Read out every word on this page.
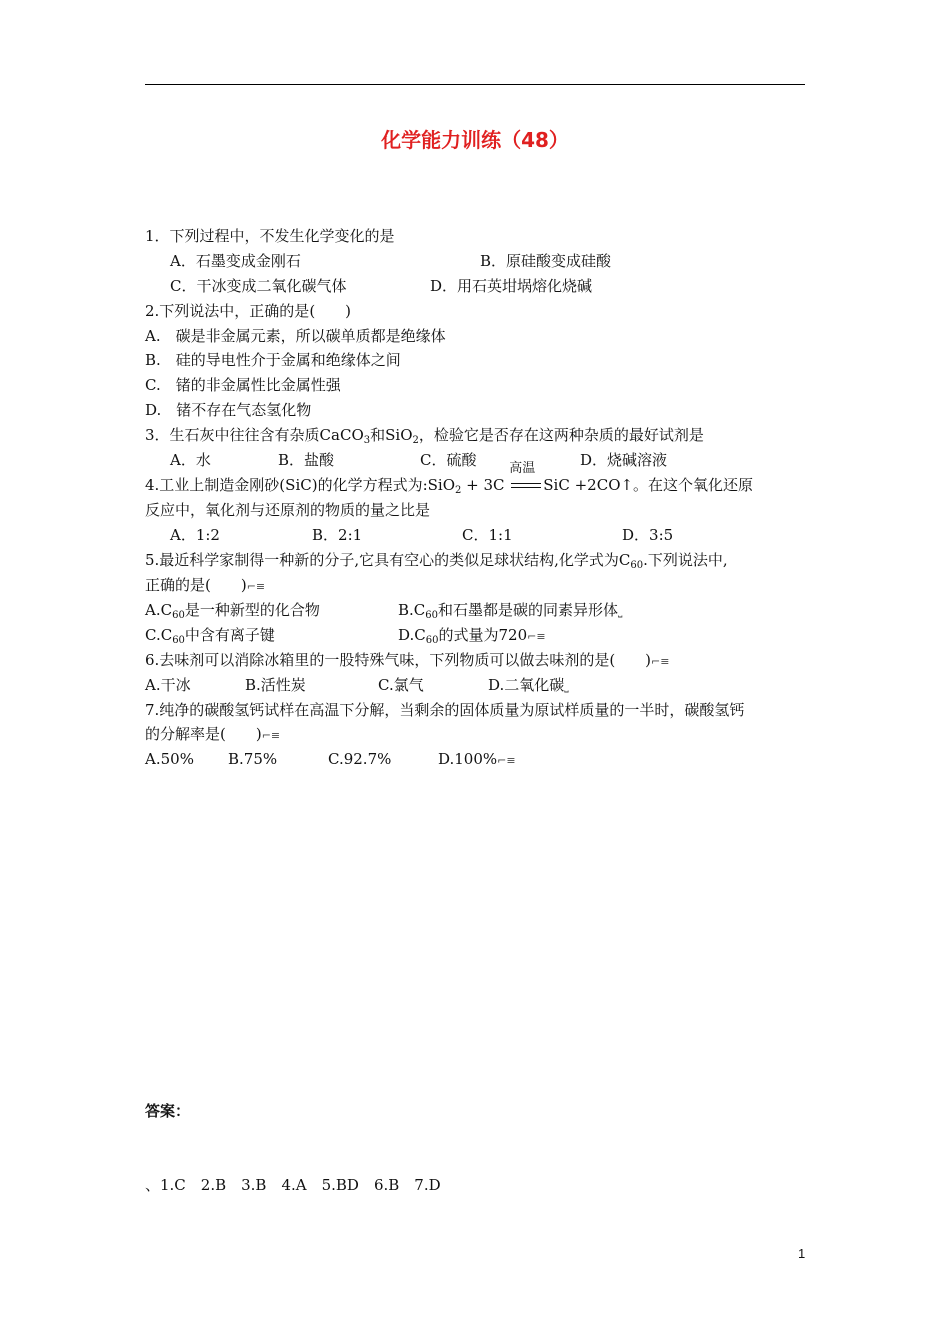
化学能力训练（48）
1．下列过程中，不发生化学变化的是
A．石墨变成金刚石	B．原硅酸变成硅酸
C．干冰变成二氧化碳气体	D．用石英坩埚熔化烧碱
2.下列说法中，正确的是(　　)
A.　碳是非金属元素，所以碳单质都是绝缘体
B.　硅的导电性介于金属和绝缘体之间
C.　锗的非金属性比金属性强
D.　锗不存在气态氢化物
3．生石灰中往往含有杂质CaCO$_3$和SiO$_2$，检验它是否存在这两种杂质的最好试剂是
A．水	B．盐酸	C．硫酸	D．烧碱溶液
4.工业上制造金刚砂(SiC)的化学方程式为:SiO$_2$ + 3C
高温
SiC +2CO↑。在这个氧化还原
反应中，氧化剂与还原剂的物质的量之比是
A．1:2	B．2:1	C．1:1	D．3:5
5.最近科学家制得一种新的分子,它具有空心的类似足球状结构,化学式为$C_{60}$.下列说法中,
正确的是(　　)⌐≡
$A.C_{60}$是一种新型的化合物	$B.C_{60}$和石墨都是碳的同素异形体⎵
$C.C_{60}$中含有离子键	$D.C_{60}$的式量为720⌐≡
6.去味剂可以消除冰箱里的一股特殊气味，下列物质可以做去味剂的是(　　)⌐≡
A.干冰	B.活性炭	C.氯气	D.二氧化碳⎵
7.纯净的碳酸氢钙试样在高温下分解，当剩余的固体质量为原试样质量的一半时，碳酸氢钙
的分解率是(　　)⌐≡
A.50% B.75%	C.92.7%	D.100%⌐≡
答案：
、1.C　2.B　3.B　4.A　5.BD　6.B　7.D
1
